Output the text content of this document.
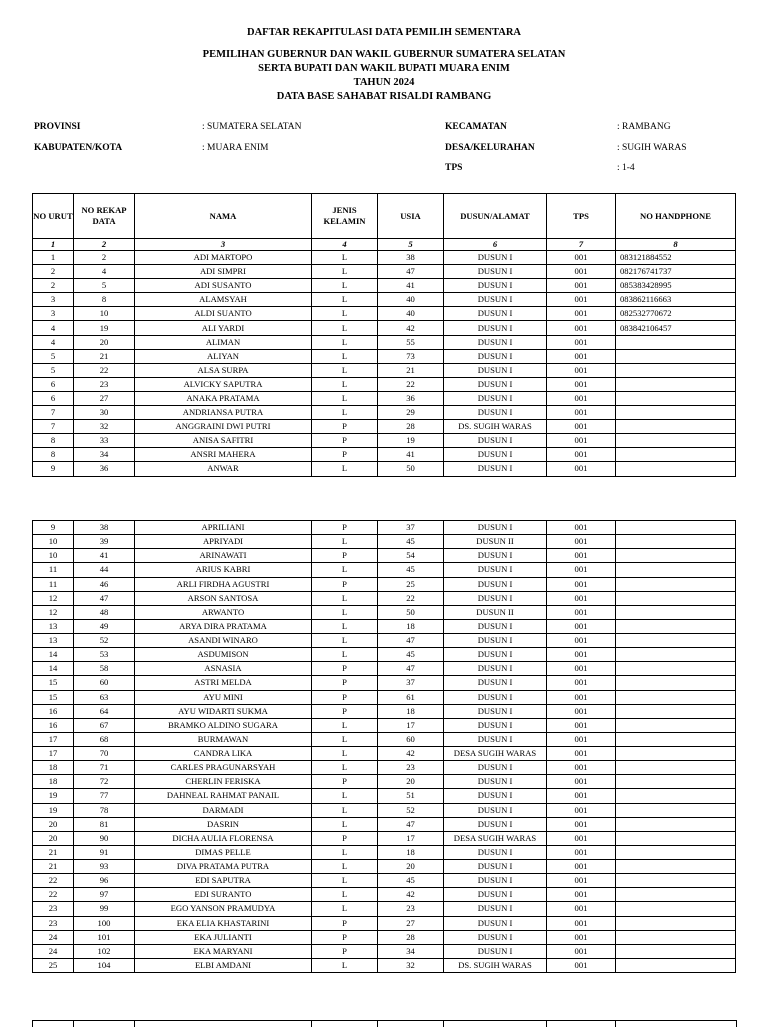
DAFTAR REKAPITULASI DATA PEMILIH SEMENTARA
PEMILIHAN GUBERNUR DAN WAKIL GUBERNUR SUMATERA SELATAN
SERTA BUPATI DAN WAKIL BUPATI MUARA ENIM
TAHUN 2024
DATA BASE SAHABAT RISALDI RAMBANG
PROVINSI	: SUMATERA SELATAN
KABUPATEN/KOTA	: MUARA ENIM
KECAMATAN	: RAMBANG
DESA/KELURAHAN	: SUGIH WARAS
TPS	: 1-4
NO URUT	NO REKAP DATA	NAMA	JENIS KELAMIN	USIA	DUSUN/ALAMAT	TPS	NO HANDPHONE
1	2	3	4	5	6	7	8
1	2	ADI MARTOPO	L	38	DUSUN I	001	083121884552
2	4	ADI SIMPRI	L	47	DUSUN I	001	082176741737
2	5	ADI SUSANTO	L	41	DUSUN I	001	085383428995
3	8	ALAMSYAH	L	40	DUSUN I	001	083862116663
3	10	ALDI SUANTO	L	40	DUSUN I	001	082532770672
4	19	ALI YARDI	L	42	DUSUN I	001	083842106457
4	20	ALIMAN	L	55	DUSUN I	001	
5	21	ALIYAN	L	73	DUSUN I	001	
5	22	ALSA SURPA	L	21	DUSUN I	001	
6	23	ALVICKY SAPUTRA	L	22	DUSUN I	001	
6	27	ANAKA PRATAMA	L	36	DUSUN I	001	
7	30	ANDRIANSA PUTRA	L	29	DUSUN I	001	
7	32	ANGGRAINI DWI PUTRI	P	28	DS. SUGIH WARAS	001	
8	33	ANISA SAFITRI	P	19	DUSUN I	001	
8	34	ANSRI MAHERA	P	41	DUSUN I	001	
9	36	ANWAR	L	50	DUSUN I	001	
9	38	APRILIANI	P	37	DUSUN I	001	
10	39	APRIYADI	L	45	DUSUN II	001	
10	41	ARINAWATI	P	54	DUSUN I	001	
11	44	ARIUS KABRI	L	45	DUSUN I	001	
11	46	ARLI FIRDHA AGUSTRI	P	25	DUSUN I	001	
12	47	ARSON SANTOSA	L	22	DUSUN I	001	
12	48	ARWANTO	L	50	DUSUN II	001	
13	49	ARYA DIRA PRATAMA	L	18	DUSUN I	001	
13	52	ASANDI WINARO	L	47	DUSUN I	001	
14	53	ASDUMISON	L	45	DUSUN I	001	
14	58	ASNASIA	P	47	DUSUN I	001	
15	60	ASTRI MELDA	P	37	DUSUN I	001	
15	63	AYU MINI	P	61	DUSUN I	001	
16	64	AYU WIDARTI SUKMA	P	18	DUSUN I	001	
16	67	BRAMKO ALDINO SUGARA	L	17	DUSUN I	001	
17	68	BURMAWAN	L	60	DUSUN I	001	
17	70	CANDRA LIKA	L	42	DESA SUGIH WARAS	001	
18	71	CARLES PRAGUNARSYAH	L	23	DUSUN I	001	
18	72	CHERLIN FERISKA	P	20	DUSUN I	001	
19	77	DAHNEAL RAHMAT PANAIL	L	51	DUSUN I	001	
19	78	DARMADI	L	52	DUSUN I	001	
20	81	DASRIN	L	47	DUSUN I	001	
20	90	DICHA AULIA FLORENSA	P	17	DESA SUGIH WARAS	001	
21	91	DIMAS PELLE	L	18	DUSUN I	001	
21	93	DIVA PRATAMA PUTRA	L	20	DUSUN I	001	
22	96	EDI SAPUTRA	L	45	DUSUN I	001	
22	97	EDI SURANTO	L	42	DUSUN I	001	
23	99	EGO YANSON PRAMUDYA	L	23	DUSUN I	001	
23	100	EKA ELIA KHASTARINI	P	27	DUSUN I	001	
24	101	EKA JULIANTI	P	28	DUSUN I	001	
24	102	EKA MARYANI	P	34	DUSUN I	001	
25	104	ELBI AMDANI	L	32	DS. SUGIH WARAS	001	
